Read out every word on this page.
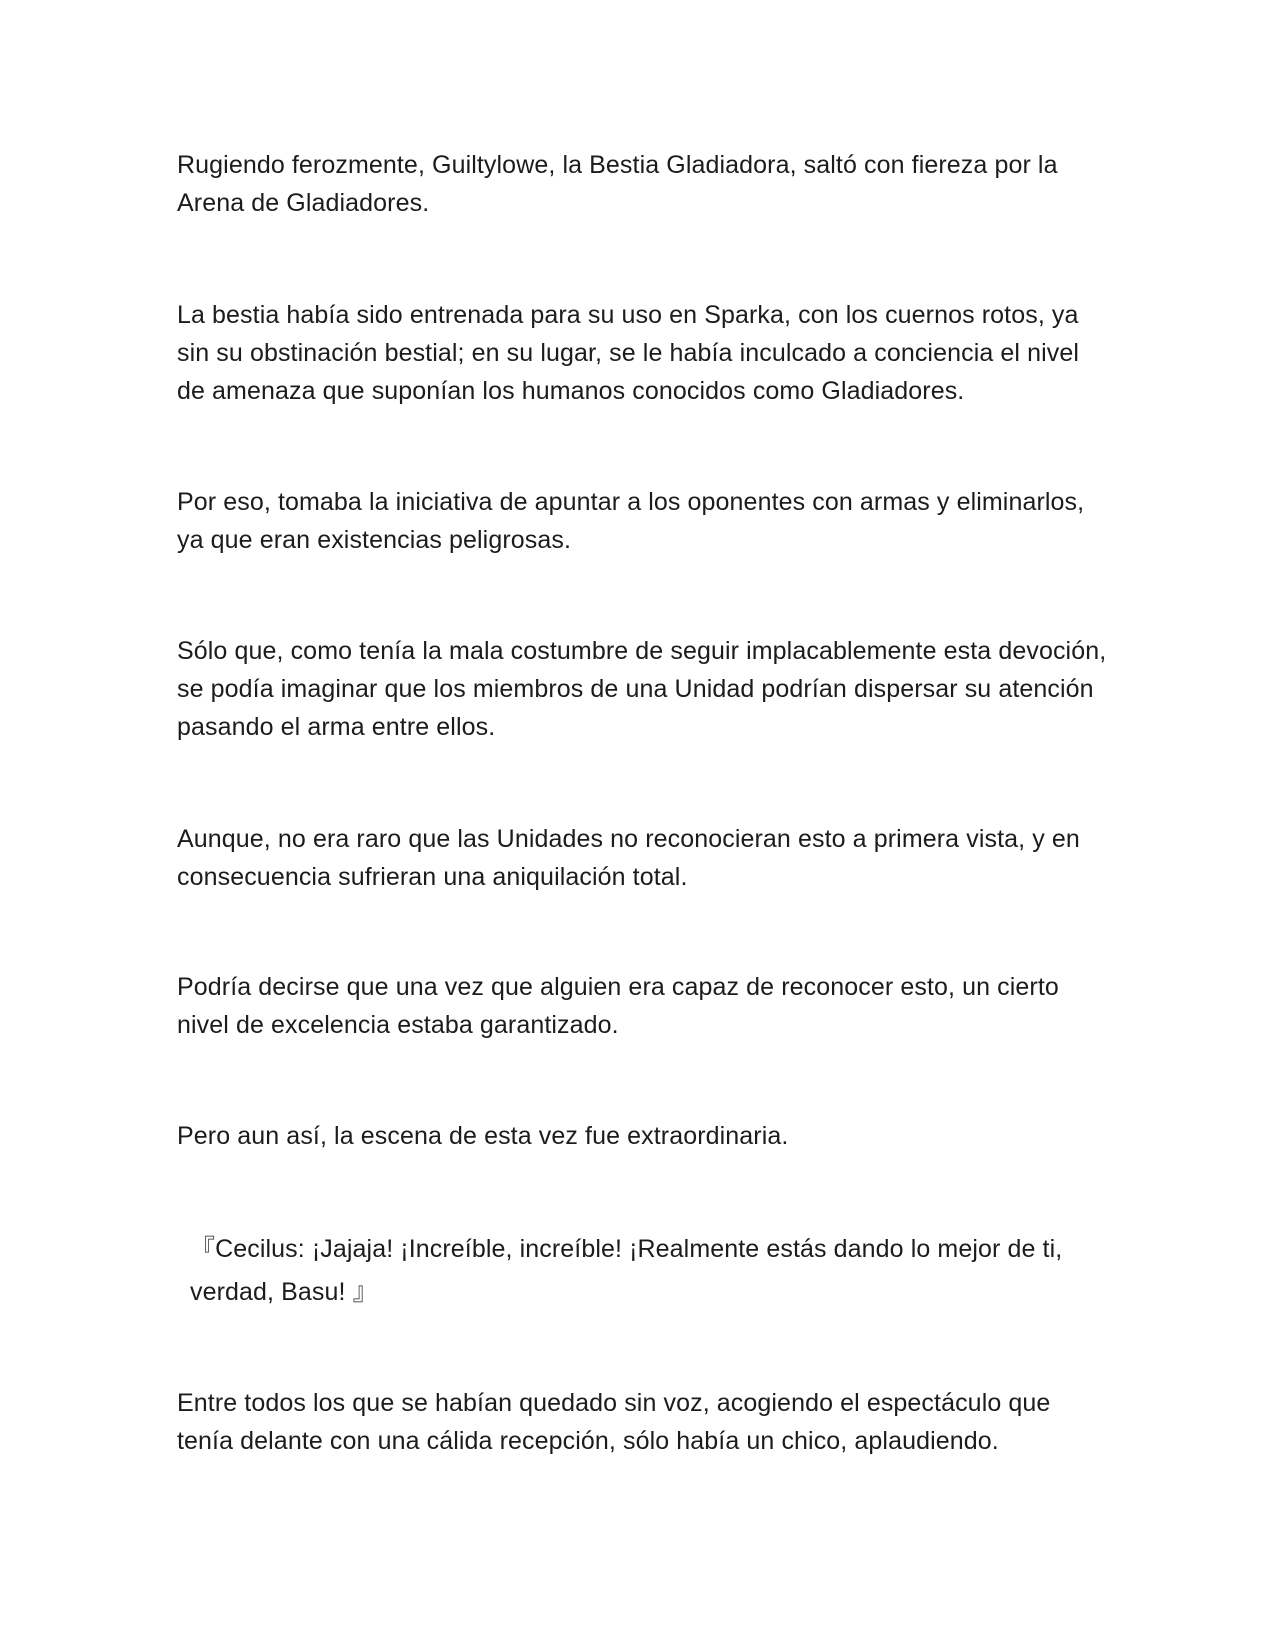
Rugiendo ferozmente, Guiltylowe, la Bestia Gladiadora, saltó con fiereza por la Arena de Gladiadores.

La bestia había sido entrenada para su uso en Sparka, con los cuernos rotos, ya sin su obstinación bestial; en su lugar, se le había inculcado a conciencia el nivel de amenaza que suponían los humanos conocidos como Gladiadores.

Por eso, tomaba la iniciativa de apuntar a los oponentes con armas y eliminarlos, ya que eran existencias peligrosas.

Sólo que, como tenía la mala costumbre de seguir implacablemente esta devoción, se podía imaginar que los miembros de una Unidad podrían dispersar su atención pasando el arma entre ellos.

Aunque, no era raro que las Unidades no reconocieran esto a primera vista, y en consecuencia sufrieran una aniquilación total.

Podría decirse que una vez que alguien era capaz de reconocer esto, un cierto nivel de excelencia estaba garantizado.

Pero aun así, la escena de esta vez fue extraordinaria.

『Cecilus: ¡Jajaja! ¡Increíble, increíble! ¡Realmente estás dando lo mejor de ti, verdad, Basu! 』

Entre todos los que se habían quedado sin voz, acogiendo el espectáculo que tenía delante con una cálida recepción, sólo había un chico, aplaudiendo.
